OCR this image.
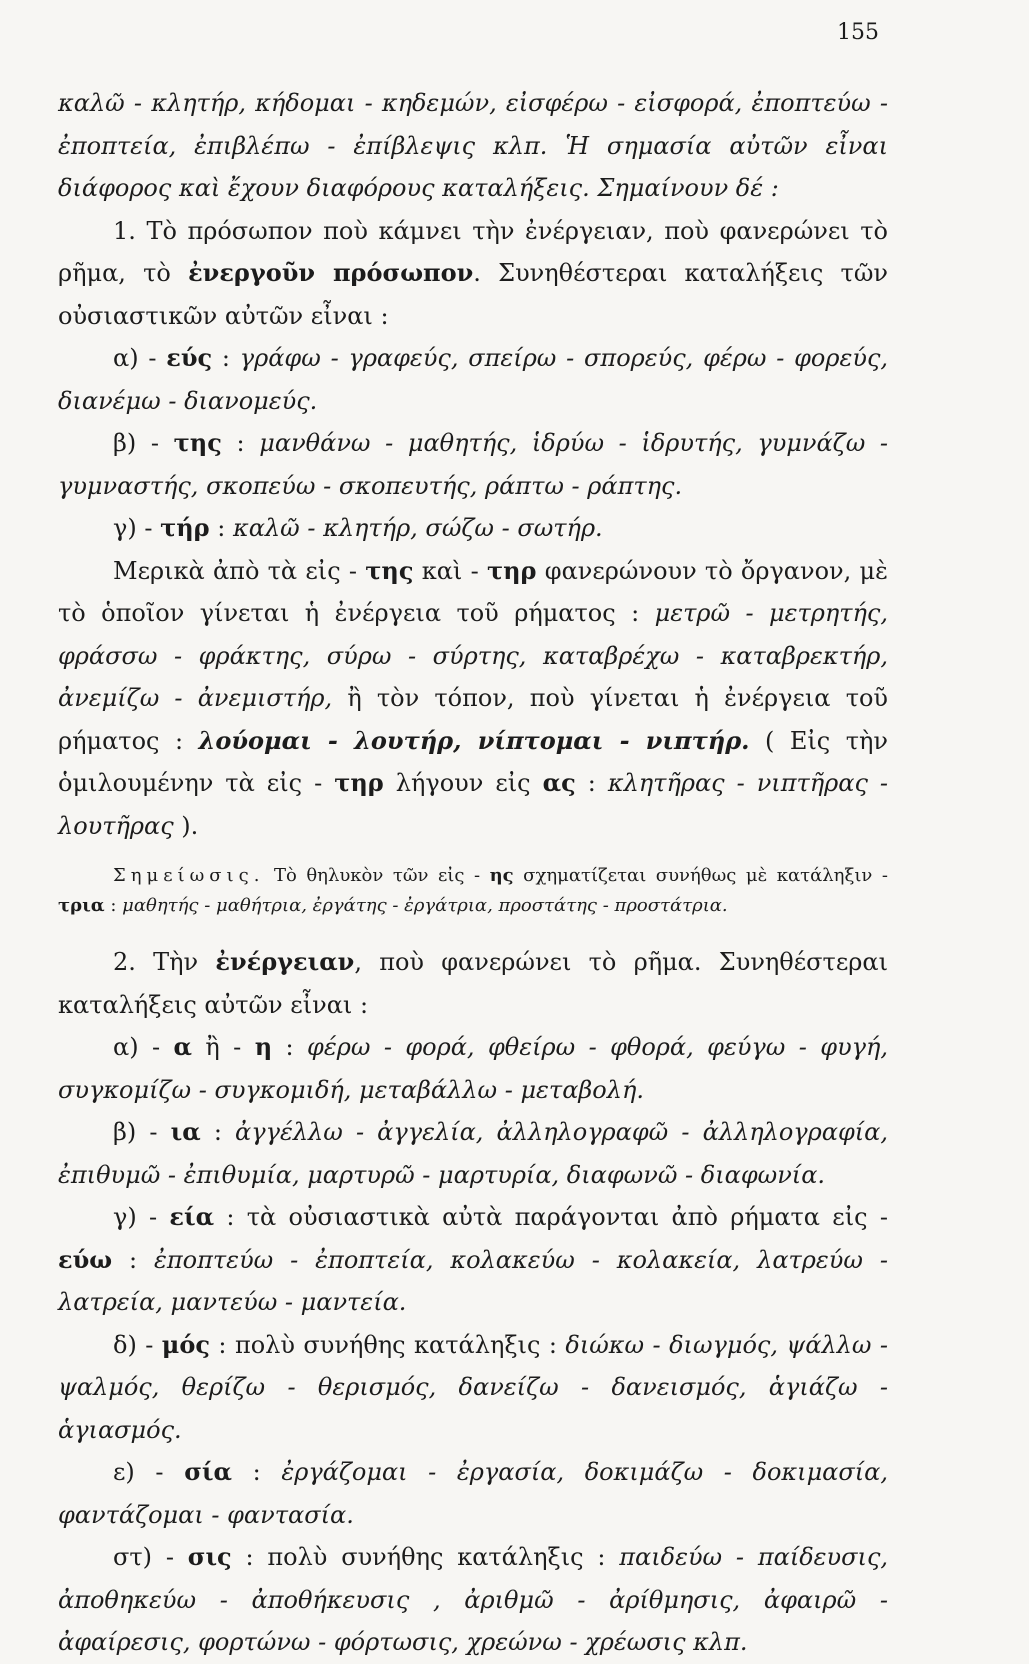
155

καλῶ - κλητήρ, κήδομαι - κηδεμών, εἰσφέρω - εἰσφορά, ἐποπτεύω - ἐποπτεία, ἐπιβλέπω - ἐπίβλεψις κλπ. Ἡ σημασία αὐτῶν εἶναι διάφορος καὶ ἔχουν διαφόρους καταλήξεις. Σημαίνουν δέ :

1. Τὸ πρόσωπον ποὺ κάμνει τὴν ἐνέργειαν, ποὺ φανερώνει τὸ ρῆμα, τὸ ἐνεργοῦν πρόσωπον. Συνηθέστεραι καταλήξεις τῶν οὐσιαστικῶν αὐτῶν εἶναι :

α) - εύς : γράφω - γραφεύς, σπείρω - σπορεύς, φέρω - φορεύς, διανέμω - διανομεύς.

β) - της : μανθάνω - μαθητής, ἱδρύω - ἱδρυτής, γυμνάζω - γυμναστής, σκοπεύω - σκοπευτής, ράπτω - ράπτης.

γ) - τήρ : καλῶ - κλητήρ, σώζω - σωτήρ.

Μερικὰ ἀπὸ τὰ εἰς - της καὶ - τηρ φανερώνουν τὸ ὄργανον, μὲ τὸ ὁποῖον γίνεται ἡ ἐνέργεια τοῦ ρήματος : μετρῶ - μετρητής, φράσσω - φράκτης, σύρω - σύρτης, καταβρέχω - καταβρεκτήρ, ἀνεμίζω - ἀνεμιστήρ, ἢ τὸν τόπον, ποὺ γίνεται ἡ ἐνέργεια τοῦ ρήματος : λούομαι - λουτήρ, νίπτομαι - νιπτήρ. ( Εἰς τὴν ὁμιλουμένην τὰ εἰς - τηρ λήγουν εἰς ας : κλητῆρας - νιπτῆρας - λουτῆρας ).

Σημείωσις. Τὸ θηλυκὸν τῶν εἰς - ης σχηματίζεται συνήθως μὲ κατάληξιν - τρια : μαθητής - μαθήτρια, ἐργάτης - ἐργάτρια, προστάτης - προστάτρια.

2. Τὴν ἐνέργειαν, ποὺ φανερώνει τὸ ρῆμα. Συνηθέστεραι καταλήξεις αὐτῶν εἶναι :

α) - α ἢ - η : φέρω - φορά, φθείρω - φθορά, φεύγω - φυγή, συγκομίζω - συγκομιδή, μεταβάλλω - μεταβολή.

β) - ια : ἀγγέλλω - ἀγγελία, ἀλληλογραφῶ - ἀλληλογραφία, ἐπιθυμῶ - ἐπιθυμία, μαρτυρῶ - μαρτυρία, διαφωνῶ - διαφωνία.

γ) - εία : τὰ οὐσιαστικὰ αὐτὰ παράγονται ἀπὸ ρήματα εἰς - εύω : ἐποπτεύω - ἐποπτεία, κολακεύω - κολακεία, λατρεύω - λατρεία, μαντεύω - μαντεία.

δ) - μός : πολὺ συνήθης κατάληξις : διώκω - διωγμός, ψάλλω - ψαλμός, θερίζω - θερισμός, δανείζω - δανεισμός, ἁγιάζω - ἁγιασμός.

ε) - σία : ἐργάζομαι - ἐργασία, δοκιμάζω - δοκιμασία, φαντάζομαι - φαντασία.

στ) - σις : πολὺ συνήθης κατάληξις : παιδεύω - παίδευσις, ἀποθηκεύω - ἀποθήκευσις , ἀριθμῶ - ἀρίθμησις, ἀφαιρῶ - ἀφαίρεσις, φορτώνω - φόρτωσις, χρεώνω - χρέωσις κλπ.
